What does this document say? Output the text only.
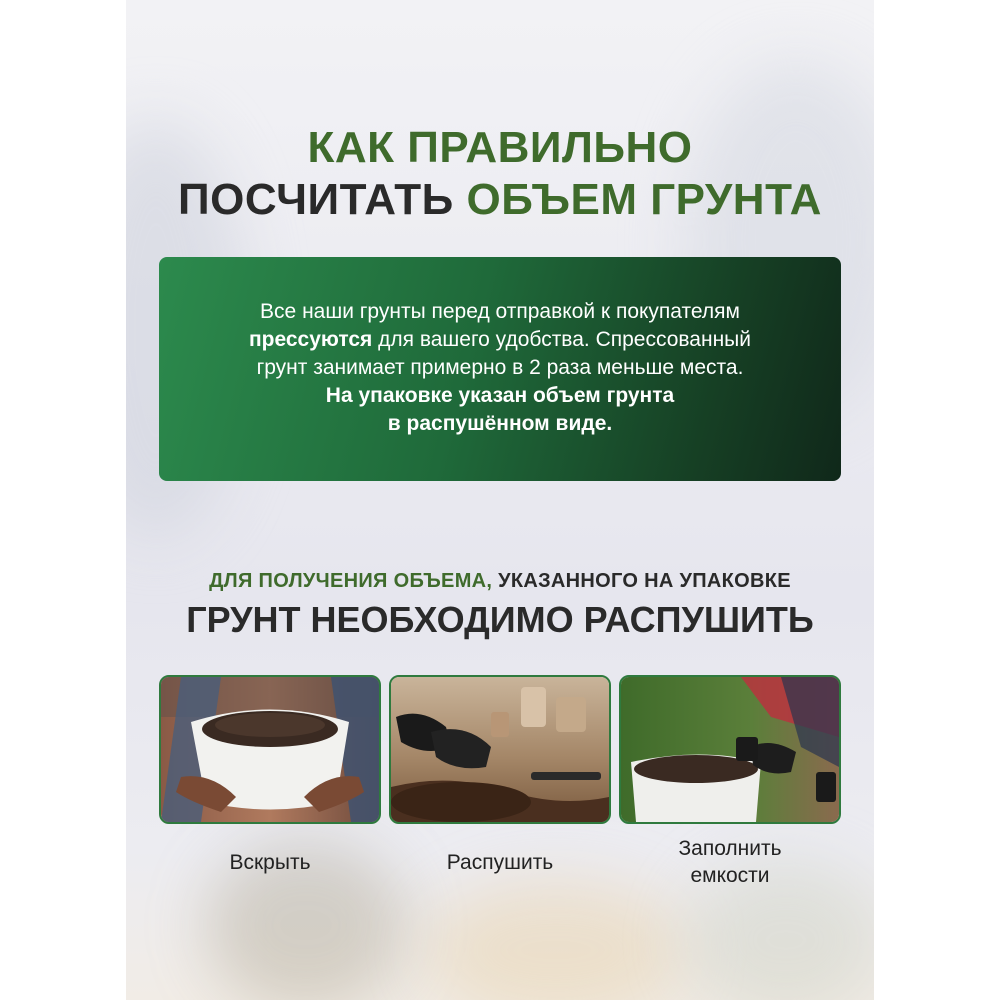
КАК ПРАВИЛЬНО
ПОСЧИТАТЬ ОБЪЕМ ГРУНТА
Все наши грунты перед отправкой к покупателям
прессуются для вашего удобства. Спрессованный
грунт занимает примерно в 2 раза меньше места.
На упаковке указан объем грунта
в распушённом виде.
ДЛЯ ПОЛУЧЕНИЯ ОБЪЕМА, УКАЗАННОГО НА УПАКОВКЕ
ГРУНТ НЕОБХОДИМО РАСПУШИТЬ
Вскрыть	Распушить
Заполнить
емкости
